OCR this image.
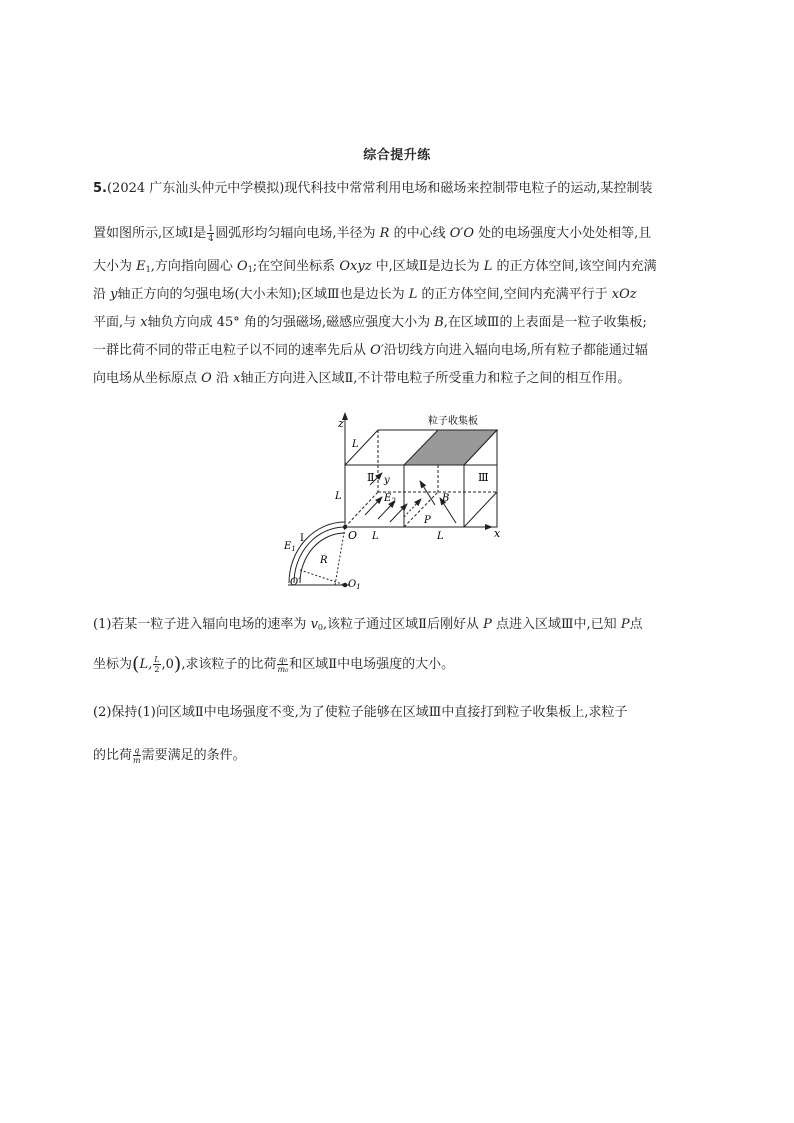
综合提升练
5.(2024 广东汕头仲元中学模拟)现代科技中常常利用电场和磁场来控制带电粒子的运动,某控制装
置如图所示,区域Ⅰ是 $\frac{1}{4}$ 圆弧形均匀辐向电场,半径为 R 的中心线 O′O 处的电场强度大小处处相等,且
大小为 $E_1$,方向指向圆心 $O_1$;在空间坐标系 Oxyz 中,区域Ⅱ是边长为 L 的正方体空间,该空间内充满
沿 y轴正方向的匀强电场(大小未知);区域Ⅲ也是边长为 L 的正方体空间,空间内充满平行于 xOz
平面,与 x轴负方向成 45° 角的匀强磁场,磁感应强度大小为 B,在区域Ⅲ的上表面是一粒子收集板;
一群比荷不同的带正电粒子以不同的速率先后从 O′沿切线方向进入辐向电场,所有粒子都能通过辐
向电场从坐标原点 O 沿 x轴正方向进入区域Ⅱ,不计带电粒子所受重力和粒子之间的相互作用。
z
x
y
O
粒子收集板
Ⅱ	Ⅲ
Ⅰ
$E_2$
$E_1$
B
P
R
L
L
L	L
O′	$O_1$
(1)若某一粒子进入辐向电场的速率为 $v_0$,该粒子通过区域Ⅱ后刚好从 P 点进入区域Ⅲ中,已知 P点
坐标为(L, $\frac{L}{2} ,0$),求该粒子的比荷 $\frac{\text{q₀}}{\text{m₀}}$ 和区域Ⅱ中电场强度的大小。
(2)保持(1)问区域Ⅱ中电场强度不变,为了使粒子能够在区域Ⅲ中直接打到粒子收集板上,求粒子
的比荷 $\frac{q}{m}$ 需要满足的条件。
